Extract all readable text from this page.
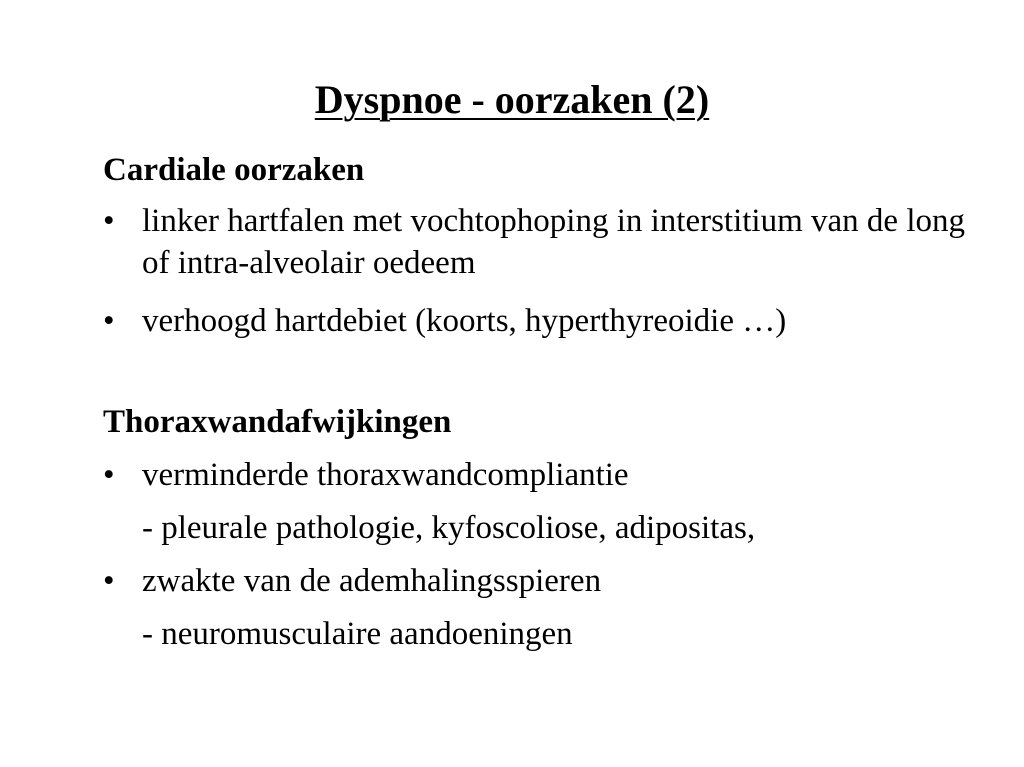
Dyspnoe - oorzaken (2)
Cardiale oorzaken
• linker hartfalen met vochtophoping in interstitium van de long of intra-alveolair oedeem
• verhoogd hartdebiet (koorts, hyperthyreoidie …)
Thoraxwandafwijkingen
• verminderde thoraxwandcompliantie
- pleurale pathologie, kyfoscoliose, adipositas,
• zwakte van de ademhalingsspieren
- neuromusculaire aandoeningen
